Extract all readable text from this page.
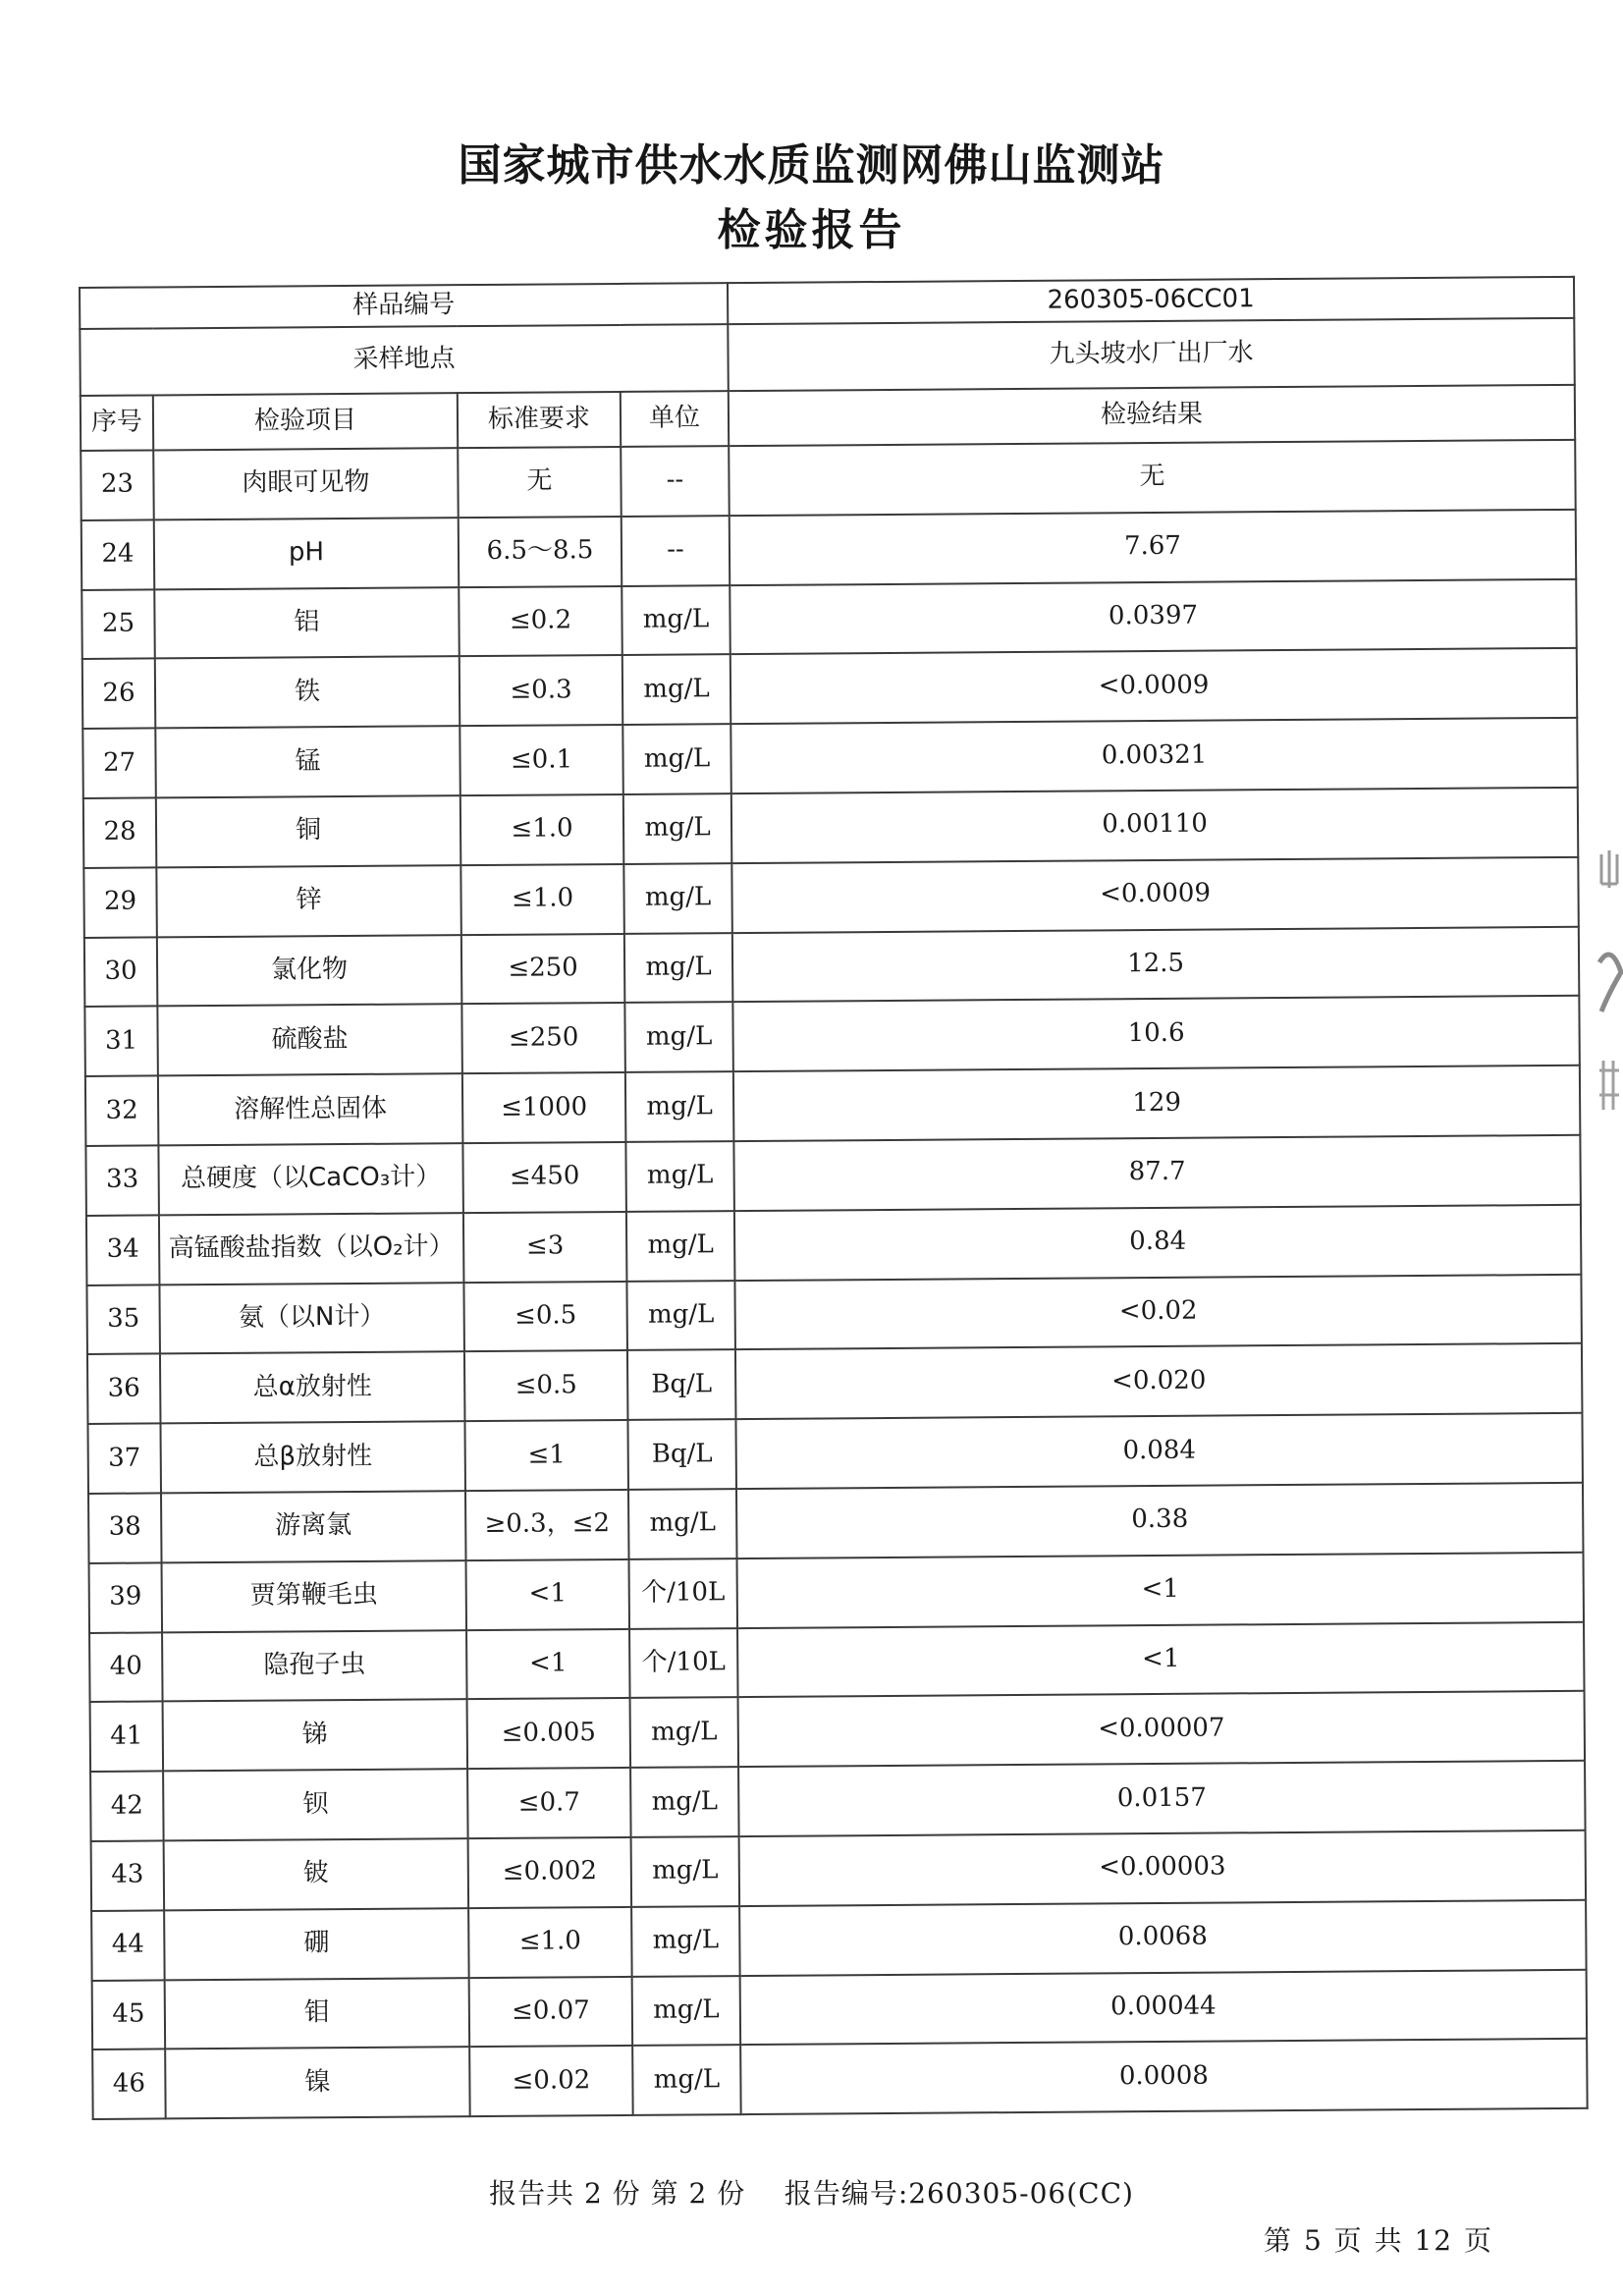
国家城市供水水质监测网佛山监测站
检验报告
样品编号				260305-06CC01
采样地点				九头坡水厂出厂水
序号	检验项目	标准要求	单位	检验结果
23	肉眼可见物	无	--	无
24	pH	6.5～8.5	--	7.67
25	铝	≤0.2	mg/L	0.0397
26	铁	≤0.3	mg/L	<0.0009
27	锰	≤0.1	mg/L	0.00321
28	铜	≤1.0	mg/L	0.00110
29	锌	≤1.0	mg/L	<0.0009
30	氯化物	≤250	mg/L	12.5
31	硫酸盐	≤250	mg/L	10.6
32	溶解性总固体	≤1000	mg/L	129
33	总硬度（以CaCO₃计）	≤450	mg/L	87.7
34	高锰酸盐指数（以O₂计）	≤3	mg/L	0.84
35	氨（以N计）	≤0.5	mg/L	<0.02
36	总α放射性	≤0.5	Bq/L	<0.020
37	总β放射性	≤1	Bq/L	0.084
38	游离氯	≥0.3，≤2	mg/L	0.38
39	贾第鞭毛虫	<1	个/10L	<1
40	隐孢子虫	<1	个/10L	<1
41	锑	≤0.005	mg/L	<0.00007
42	钡	≤0.7	mg/L	0.0157
43	铍	≤0.002	mg/L	<0.00003
44	硼	≤1.0	mg/L	0.0068
45	钼	≤0.07	mg/L	0.00044
46	镍	≤0.02	mg/L	0.0008
报告共 2 份 第 2 份 报告编号:260305-06(CC)
第 5 页 共 12 页
